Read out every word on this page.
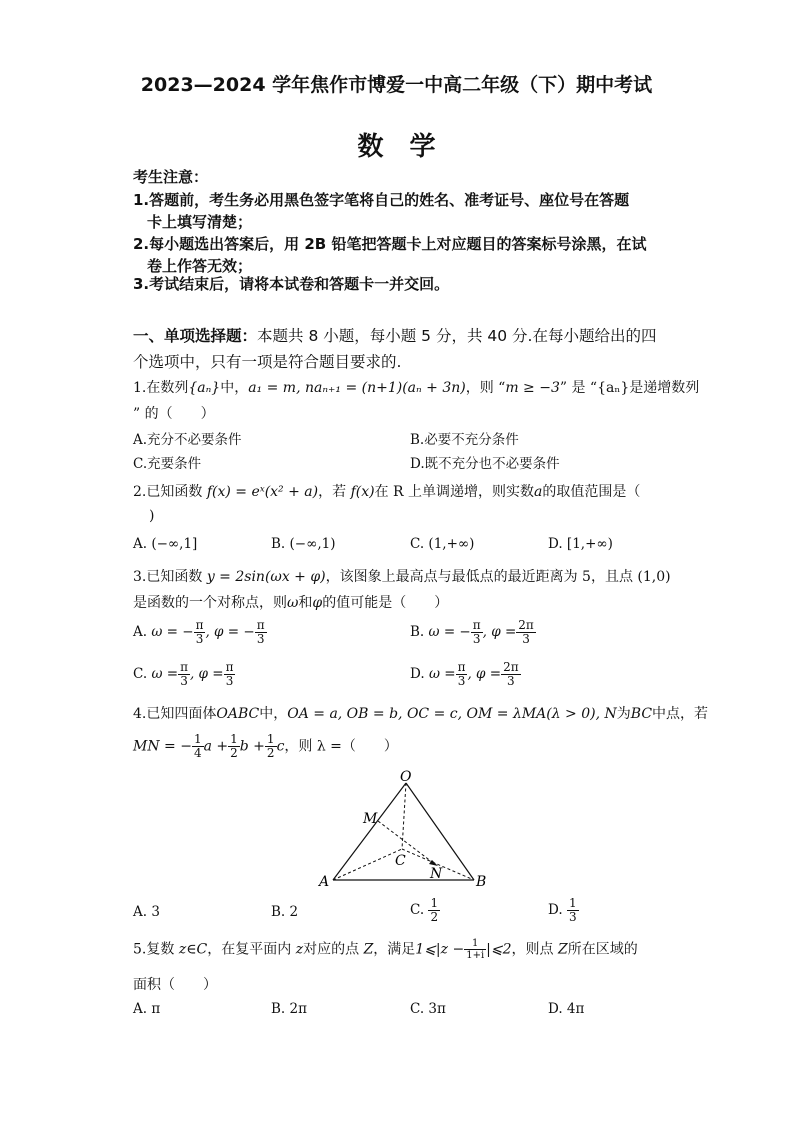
2023—2024 学年焦作市博爱一中高二年级（下）期中考试
数　学
考生注意：
1.答题前，考生务必用黑色签字笔将自己的姓名、准考证号、座位号在答题
卡上填写清楚；
2.每小题选出答案后，用 2B 铅笔把答题卡上对应题目的答案标号涂黑，在试
卷上作答无效；
3.考试结束后，请将本试卷和答题卡一并交回。
一、单项选择题：本题共 8 小题，每小题 5 分，共 40 分.在每小题给出的四
个选项中，只有一项是符合题目要求的.
1.在数列{aₙ}中，a₁ = m, naₙ₊₁ = (n+1)(aₙ + 3n)，则 “m ≥ −3” 是 “{aₙ}是递增数列
” 的（　　）
A.充分不必要条件	B.必要不充分条件
C.充要条件	D.既不充分也不必要条件
2.已知函数 f(x) = eˣ(x² + a)，若 f(x)在 R 上单调递增，则实数a的取值范围是（
)
A. (−∞,1]	B. (−∞,1)	C. (1,+∞)	D. [1,+∞)
3.已知函数 y = 2sin(ωx + φ)，该图象上最高点与最低点的最近距离为 5，且点 (1,0)
是函数的一个对称点，则ω和φ的值可能是（　　）
A. ω = − $\frac{\pi}{3}$ , φ = − $\frac{\pi}{3}$	B. ω = − $\frac{\pi}{3}$ , $\varphi = \frac{2\pi}{3}$
C. $\omega = \frac{\pi}{3}$ , $\varphi = \frac{\pi}{3}$	D. $\omega = \frac{\pi}{3}$ , $\varphi = \frac{2\pi}{3}$
4.已知四面体OABC中，OA = a, OB = b, OC = c, OM = λMA(λ > 0), N为BC中点，若
MN = − $\frac{1}{4}$ $a + \frac{1}{2}$ $b + \frac{1}{2}$ c，则 λ =（　　）
O
M
C
N
A	B
A. 3	B. 2	C. $\frac{1}{2}$	D. $\frac{1}{3}$
5.复数 z∈C，在复平面内 z对应的点 Z，满足1⩽|z − $\frac{1}{1+i}$ |⩽2，则点 Z所在区域的
面积（　　）
A. π	B. 2π	C. 3π	D. 4π
